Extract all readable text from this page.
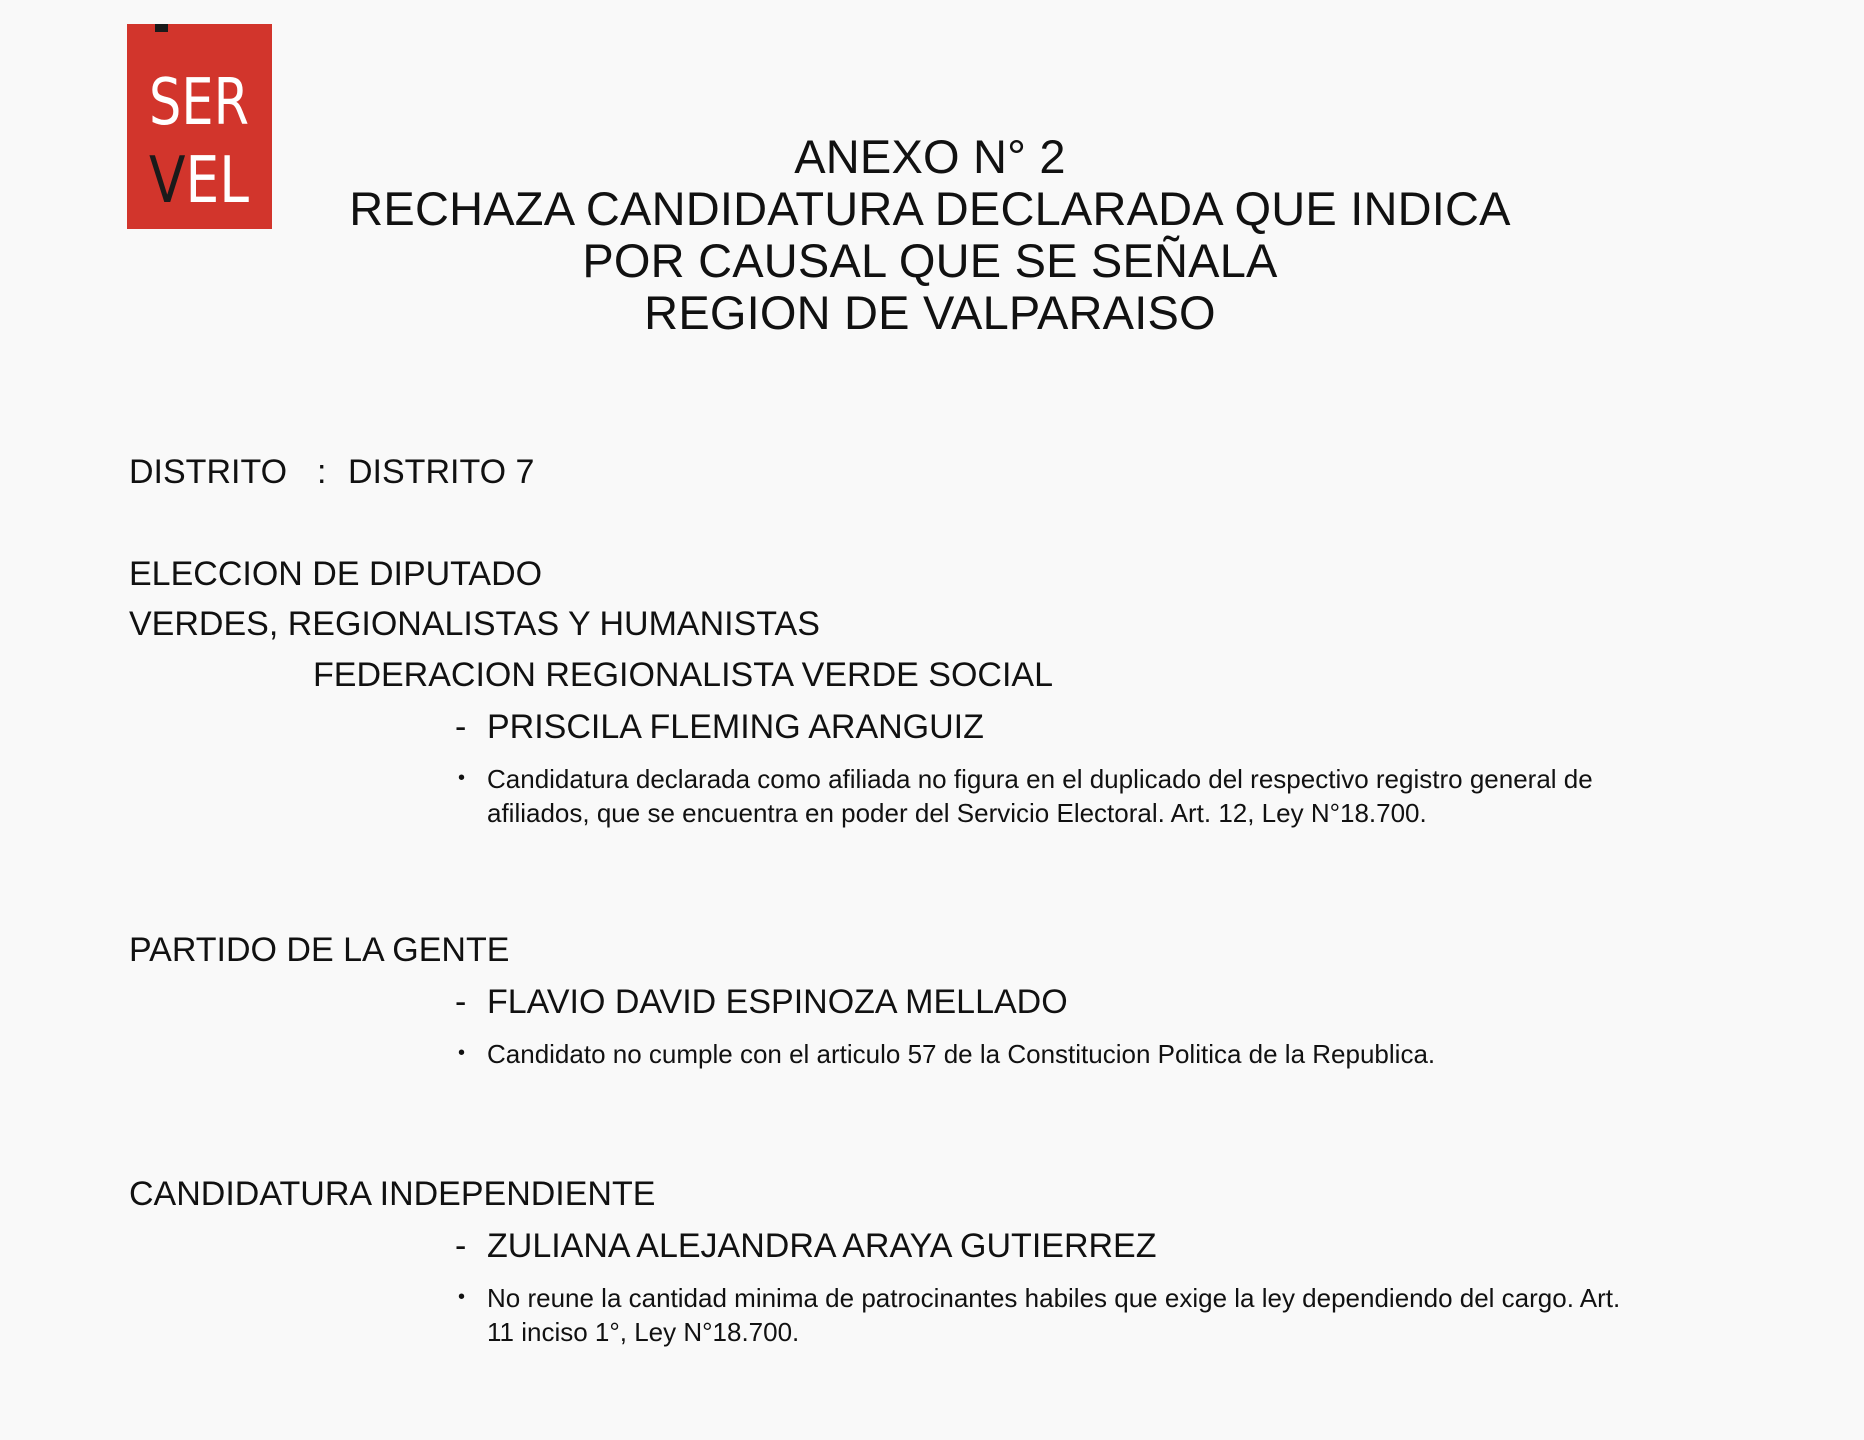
SER
VEL	ANEXO N° 2
RECHAZA CANDIDATURA DECLARADA QUE INDICA
POR CAUSAL QUE SE SEÑALA
REGION DE VALPARAISO
DISTRITO : DISTRITO 7
ELECCION DE DIPUTADO
VERDES, REGIONALISTAS Y HUMANISTAS
FEDERACION REGIONALISTA VERDE SOCIAL
- PRISCILA FLEMING ARANGUIZ
• Candidatura declarada como afiliada no figura en el duplicado del respectivo registro general de
afiliados, que se encuentra en poder del Servicio Electoral. Art. 12, Ley N°18.700.
PARTIDO DE LA GENTE
- FLAVIO DAVID ESPINOZA MELLADO
• Candidato no cumple con el articulo 57 de la Constitucion Politica de la Republica.
CANDIDATURA INDEPENDIENTE
- ZULIANA ALEJANDRA ARAYA GUTIERREZ
• No reune la cantidad minima de patrocinantes habiles que exige la ley dependiendo del cargo. Art.
11 inciso 1°, Ley N°18.700.
